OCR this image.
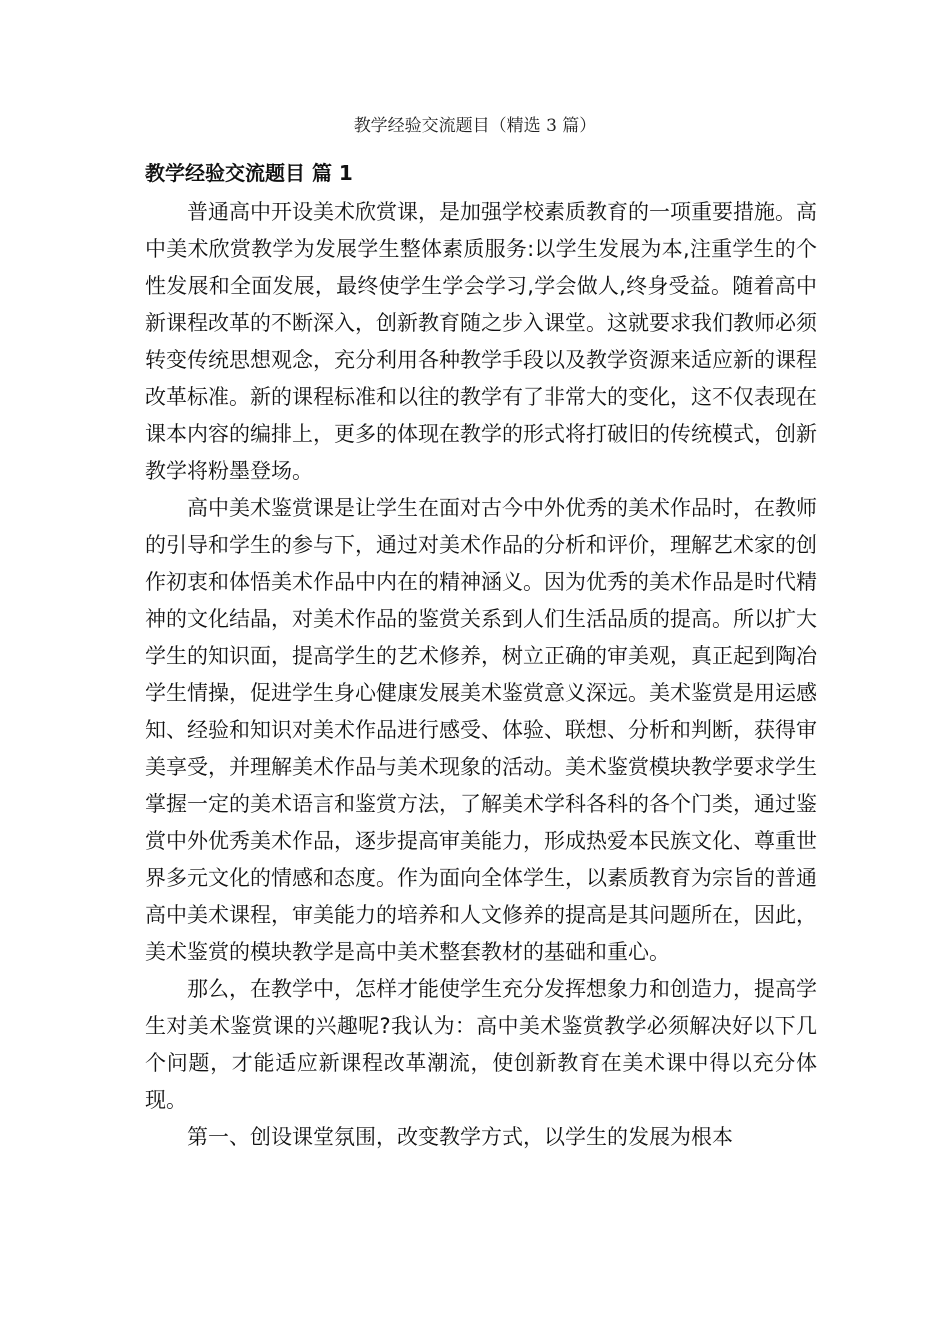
教学经验交流题目（精选 3 篇）
教学经验交流题目 篇 1

普通高中开设美术欣赏课，是加强学校素质教育的一项重要措施。高中美术欣赏教学为发展学生整体素质服务:以学生发展为本,注重学生的个性发展和全面发展，最终使学生学会学习,学会做人,终身受益。随着高中新课程改革的不断深入，创新教育随之步入课堂。这就要求我们教师必须转变传统思想观念，充分利用各种教学手段以及教学资源来适应新的课程改革标准。新的课程标准和以往的教学有了非常大的变化，这不仅表现在课本内容的编排上，更多的体现在教学的形式将打破旧的传统模式，创新教学将粉墨登场。

高中美术鉴赏课是让学生在面对古今中外优秀的美术作品时，在教师的引导和学生的参与下，通过对美术作品的分析和评价，理解艺术家的创作初衷和体悟美术作品中内在的精神涵义。因为优秀的美术作品是时代精神的文化结晶，对美术作品的鉴赏关系到人们生活品质的提高。所以扩大学生的知识面，提高学生的艺术修养，树立正确的审美观，真正起到陶冶学生情操，促进学生身心健康发展美术鉴赏意义深远。美术鉴赏是用运感知、经验和知识对美术作品进行感受、体验、联想、分析和判断，获得审美享受，并理解美术作品与美术现象的活动。美术鉴赏模块教学要求学生掌握一定的美术语言和鉴赏方法，了解美术学科各科的各个门类，通过鉴赏中外优秀美术作品，逐步提高审美能力，形成热爱本民族文化、尊重世界多元文化的情感和态度。作为面向全体学生，以素质教育为宗旨的普通高中美术课程，审美能力的培养和人文修养的提高是其问题所在，因此，美术鉴赏的模块教学是高中美术整套教材的基础和重心。

那么，在教学中，怎样才能使学生充分发挥想象力和创造力，提高学生对美术鉴赏课的兴趣呢?我认为：高中美术鉴赏教学必须解决好以下几个问题，才能适应新课程改革潮流，使创新教育在美术课中得以充分体现。

第一、创设课堂氛围，改变教学方式，以学生的发展为根本
